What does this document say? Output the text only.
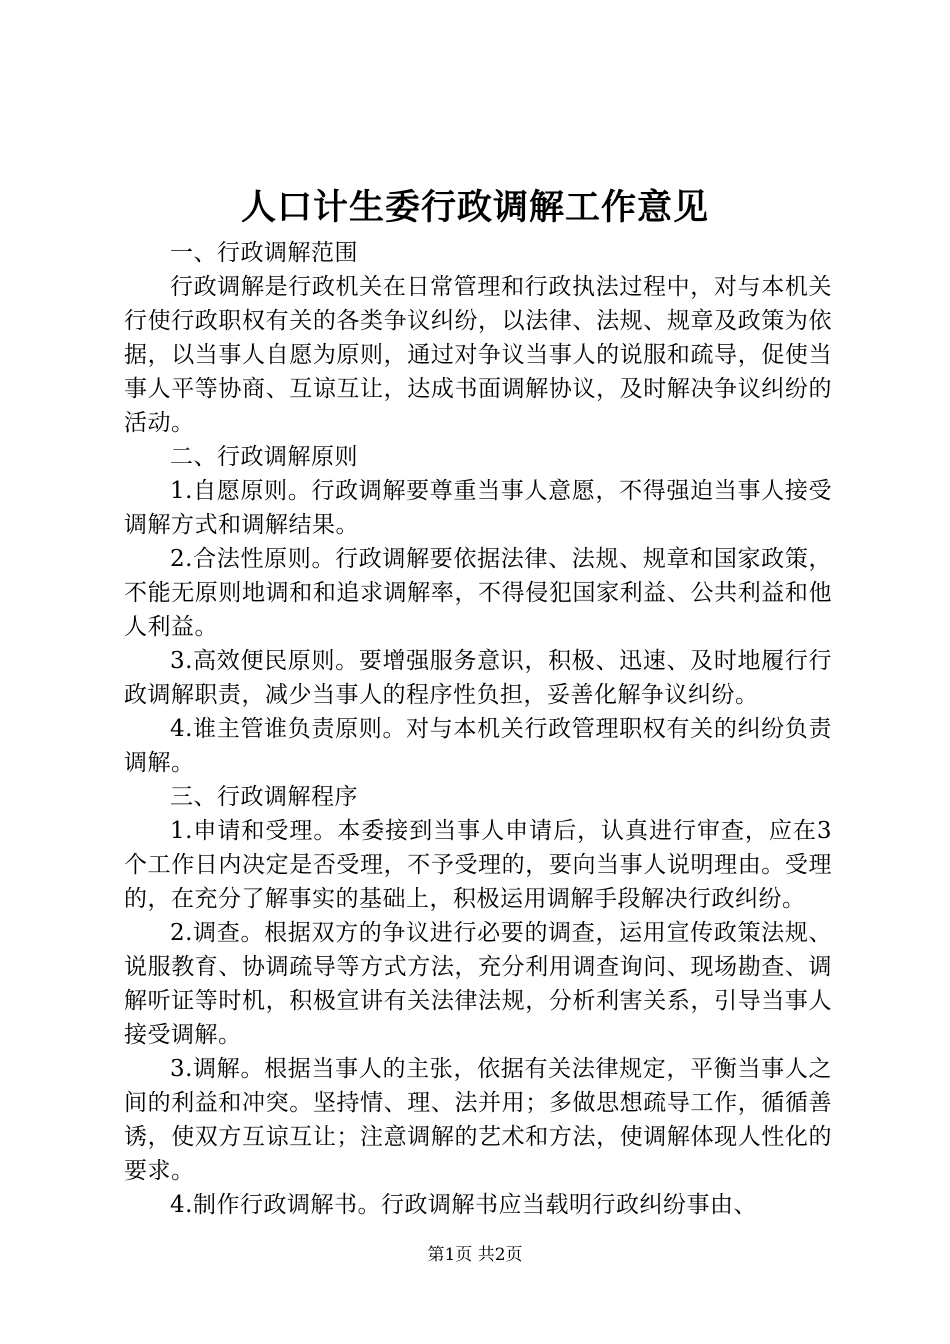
人口计生委行政调解工作意见

一、行政调解范围

行政调解是行政机关在日常管理和行政执法过程中，对与本机关行使行政职权有关的各类争议纠纷，以法律、法规、规章及政策为依据，以当事人自愿为原则，通过对争议当事人的说服和疏导，促使当事人平等协商、互谅互让，达成书面调解协议，及时解决争议纠纷的活动。

二、行政调解原则

1.自愿原则。行政调解要尊重当事人意愿，不得强迫当事人接受调解方式和调解结果。

2.合法性原则。行政调解要依据法律、法规、规章和国家政策，不能无原则地调和和追求调解率，不得侵犯国家利益、公共利益和他人利益。

3.高效便民原则。要增强服务意识，积极、迅速、及时地履行行政调解职责，减少当事人的程序性负担，妥善化解争议纠纷。

4.谁主管谁负责原则。对与本机关行政管理职权有关的纠纷负责调解。

三、行政调解程序

1.申请和受理。本委接到当事人申请后，认真进行审查，应在3个工作日内决定是否受理，不予受理的，要向当事人说明理由。受理的，在充分了解事实的基础上，积极运用调解手段解决行政纠纷。

2.调查。根据双方的争议进行必要的调查，运用宣传政策法规、说服教育、协调疏导等方式方法，充分利用调查询问、现场勘查、调解听证等时机，积极宣讲有关法律法规，分析利害关系，引导当事人接受调解。

3.调解。根据当事人的主张，依据有关法律规定，平衡当事人之间的利益和冲突。坚持情、理、法并用；多做思想疏导工作，循循善诱，使双方互谅互让；注意调解的艺术和方法，使调解体现人性化的要求。

4.制作行政调解书。行政调解书应当载明行政纠纷事由、

第1页 共2页
